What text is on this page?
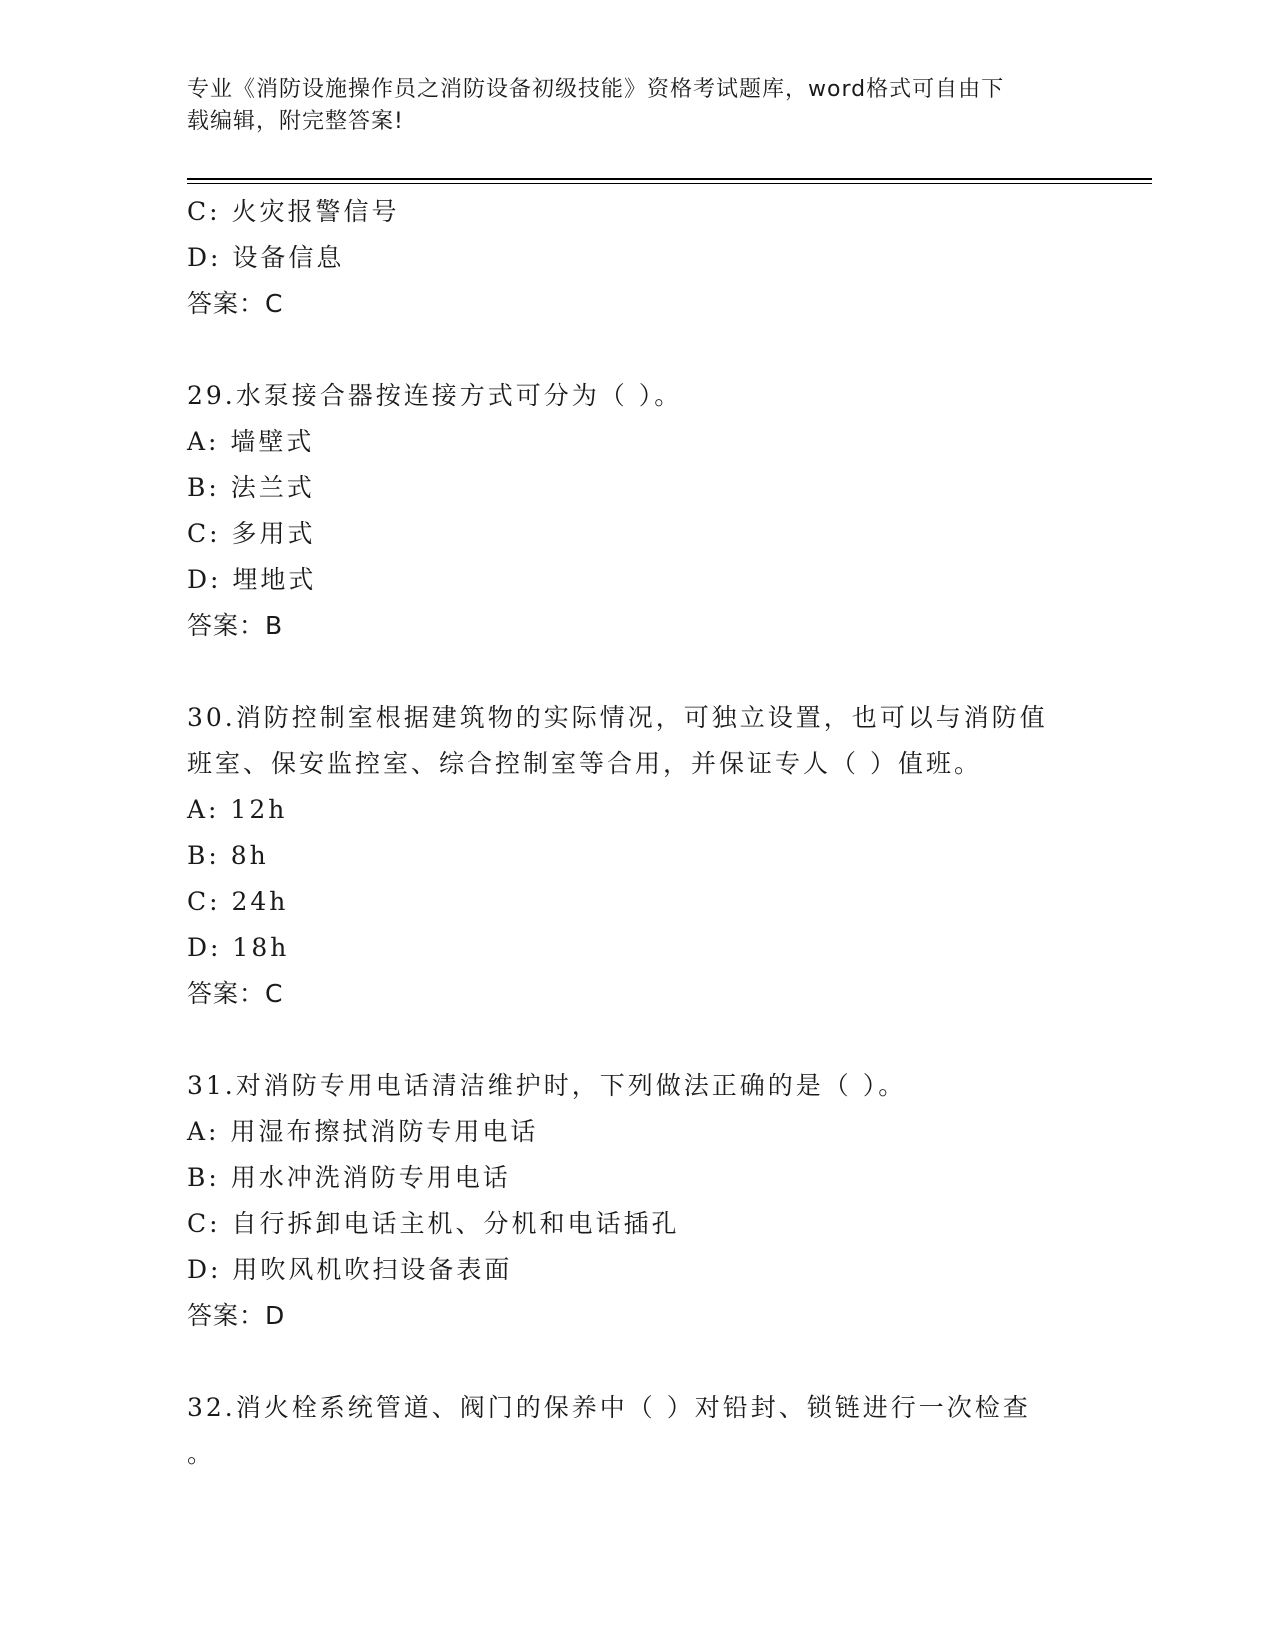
专业《消防设施操作员之消防设备初级技能》资格考试题库，word格式可自由下
载编辑，附完整答案!
C: 火灾报警信号
D: 设备信息
答案：C
29.水泵接合器按连接方式可分为（ ）。
A: 墙壁式
B: 法兰式
C: 多用式
D: 埋地式
答案：B
30.消防控制室根据建筑物的实际情况，可独立设置，也可以与消防值
班室、保安监控室、综合控制室等合用，并保证专人（ ）值班。
A: 12h
B: 8h
C: 24h
D: 18h
答案：C
31.对消防专用电话清洁维护时，下列做法正确的是（ ）。
A: 用湿布擦拭消防专用电话
B: 用水冲洗消防专用电话
C: 自行拆卸电话主机、分机和电话插孔
D: 用吹风机吹扫设备表面
答案：D
32.消火栓系统管道、阀门的保养中（ ）对铅封、锁链进行一次检查
。
